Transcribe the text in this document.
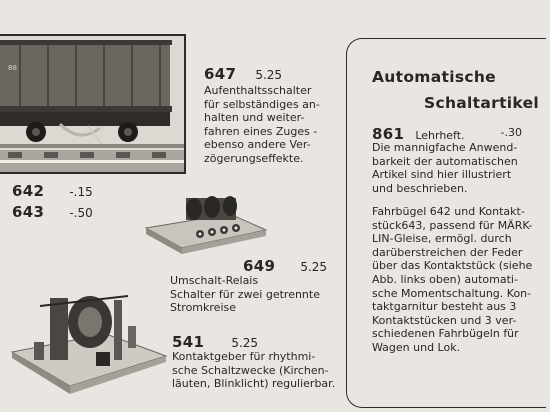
88	647 5.25
Aufenthaltsschalter
für selbständiges an-
halten und weiter-
fahren eines Zuges -
ebenso andere Ver-
zögerungseffekte.
642 -.15
643 -.50
649 5.25
Umschalt-Relais
Schalter für zwei getrennte
Stromkreise
541 5.25
Kontaktgeber für rhythmi-
sche Schaltzwecke (Kirchen-
läuten, Blinklicht) regulierbar.
Automatische
Schaltartikel
861 Lehrheft.	-.30
Die mannigfache Anwend-
barkeit der automatischen
Artikel sind hier illustriert
und beschrieben.
Fahrbügel 642 und Kontakt-
stück643, passend für MÄRK-
LIN-Gleise, ermögl. durch
darüberstreichen der Feder
über das Kontaktstück (siehe
Abb. links oben) automati-
sche Momentschaltung. Kon-
taktgarnitur besteht aus 3
Kontaktstücken und 3 ver-
schiedenen Fahrbügeln für
Wagen und Lok.
